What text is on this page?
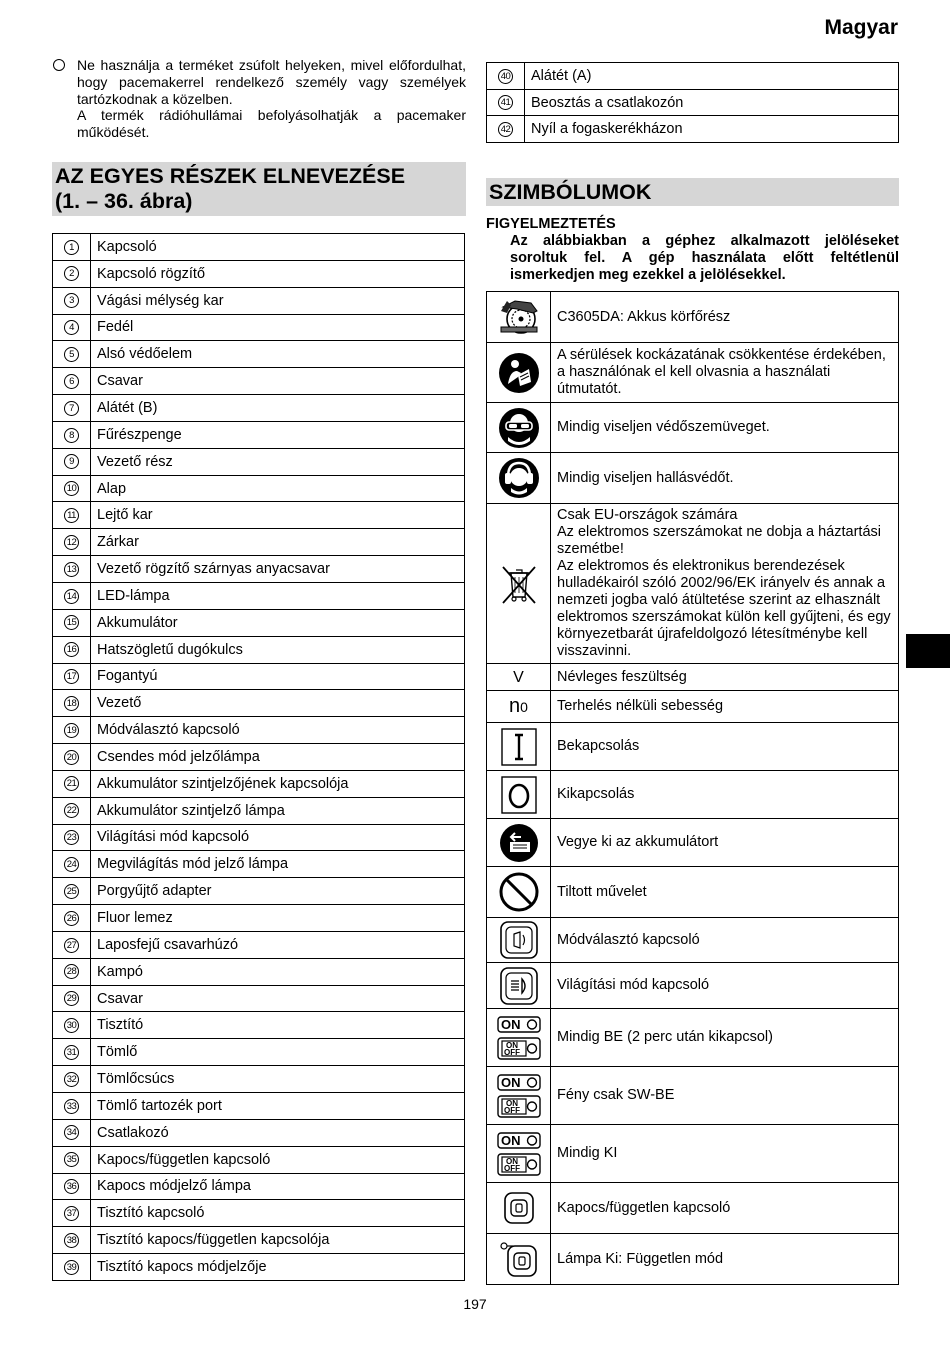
Magyar

Ne használja a terméket zsúfolt helyeken, mivel előfordulhat, hogy pacemakerrel rendelkező személy vagy személyek tartózkodnak a közelben.

A termék rádióhullámai befolyásolhatják a pacemaker működését.

AZ EGYES RÉSZEK ELNEVEZÉSE
(1. – 36. ábra)
1	Kapcsoló
2	Kapcsoló rögzítő
3	Vágási mélység kar
4	Fedél
5	Alsó védőelem
6	Csavar
7	Alátét (B)
8	Fűrészpenge
9	Vezető rész
10	Alap
11	Lejtő kar
12	Zárkar
13	Vezető rögzítő szárnyas anyacsavar
14	LED-lámpa
15	Akkumulátor
16	Hatszögletű dugókulcs
17	Fogantyú
18	Vezető
19	Módválasztó kapcsoló
20	Csendes mód jelzőlámpa
21	Akkumulátor szintjelzőjének kapcsolója
22	Akkumulátor szintjelző lámpa
23	Világítási mód kapcsoló
24	Megvilágítás mód jelző lámpa
25	Porgyűjtő adapter
26	Fluor lemez
27	Laposfejű csavarhúzó
28	Kampó
29	Csavar
30	Tisztító
31	Tömlő
32	Tömlőcsúcs
33	Tömlő tartozék port
34	Csatlakozó
35	Kapocs/független kapcsoló
36	Kapocs módjelző lámpa
37	Tisztító kapcsoló
38	Tisztító kapocs/független kapcsolója
39	Tisztító kapocs módjelzője
40	Alátét (A)
41	Beosztás a csatlakozón
42	Nyíl a fogaskerékházon
SZIMBÓLUMOK
FIGYELMEZTETÉS
Az alábbiakban a géphez alkalmazott jelöléseket soroltuk fel. A gép használata előtt feltétlenül ismerkedjen meg ezekkel a jelölésekkel.
	C3605DA: Akkus körfőrész

	A sérülések kockázatának csökkentése érdekében, a használónak el kell olvasnia a használati útmutatót.

	Mindig viseljen védőszemüveget.

	Mindig viseljen hallásvédőt.

Csak EU-országok számára
Az elektromos szerszámokat ne dobja a háztartási szemétbe!
Az elektromos és elektronikus berendezések hulladékairól szóló 2002/96/EK irányelv és annak a nemzeti jogba való átültetése szerint az elhasznált elektromos szerszámokat külön kell gyűjteni, és egy környezetbarát újrafeldolgozó létesítménybe kell visszavinni.

V	Névleges feszültség
n0	Terhelés nélküli sebesség

	Bekapcsolás

	Kikapcsolás

	Vegye ki az akkumulátort

	Tiltott művelet

	Módválasztó kapcsoló

	Világítási mód kapcsoló

ON
ON
OFF	Mindig BE (2 perc után kikapcsol)

ON
ON
OFF	Fény csak SW-BE

ON
ON
OFF	Mindig KI

	Kapocs/független kapcsoló

	Lámpa Ki: Független mód
197
